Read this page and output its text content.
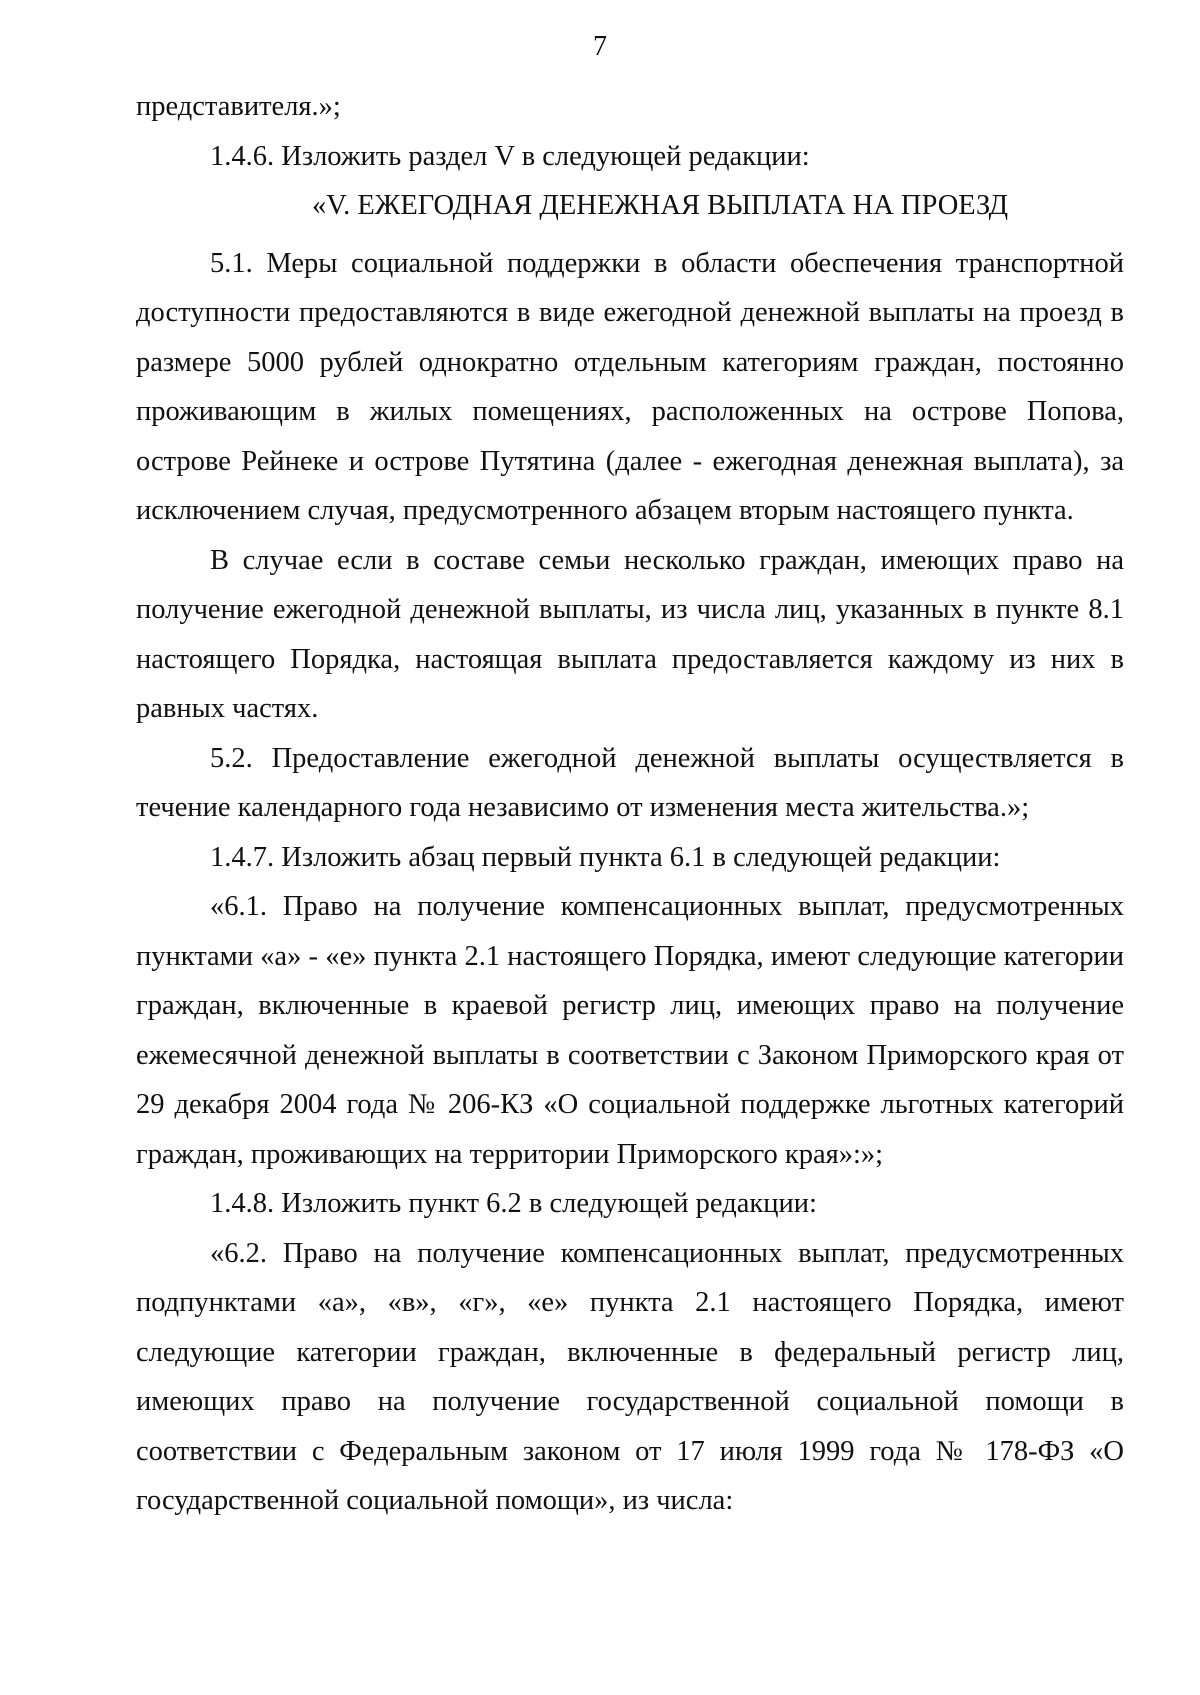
7

представителя.»;

1.4.6. Изложить раздел V в следующей редакции:

«V. ЕЖЕГОДНАЯ ДЕНЕЖНАЯ ВЫПЛАТА НА ПРОЕЗД

5.1. Меры социальной поддержки в области обеспечения транспортной доступности предоставляются в виде ежегодной денежной выплаты на проезд в размере 5000 рублей однократно отдельным категориям граждан, постоянно проживающим в жилых помещениях, расположенных на острове Попова, острове Рейнеке и острове Путятина (далее - ежегодная денежная выплата), за исключением случая, предусмотренного абзацем вторым настоящего пункта.

В случае если в составе семьи несколько граждан, имеющих право на получение ежегодной денежной выплаты, из числа лиц, указанных в пункте 8.1 настоящего Порядка, настоящая выплата предоставляется каждому из них в равных частях.

5.2. Предоставление ежегодной денежной выплаты осуществляется в течение календарного года независимо от изменения места жительства.»;

1.4.7. Изложить абзац первый пункта 6.1 в следующей редакции:

«6.1. Право на получение компенсационных выплат, предусмотренных пунктами «а» - «е» пункта 2.1 настоящего Порядка, имеют следующие категории граждан, включенные в краевой регистр лиц, имеющих право на получение ежемесячной денежной выплаты в соответствии с Законом Приморского края от 29 декабря 2004 года № 206-КЗ «О социальной поддержке льготных категорий граждан, проживающих на территории Приморского края»:»;

1.4.8. Изложить пункт 6.2 в следующей редакции:

«6.2. Право на получение компенсационных выплат, предусмотренных подпунктами «а», «в», «г», «е» пункта 2.1 настоящего Порядка, имеют следующие категории граждан, включенные в федеральный регистр лиц, имеющих право на получение государственной социальной помощи в соответствии с Федеральным законом от 17 июля 1999 года № 178-ФЗ «О государственной социальной помощи», из числа:
